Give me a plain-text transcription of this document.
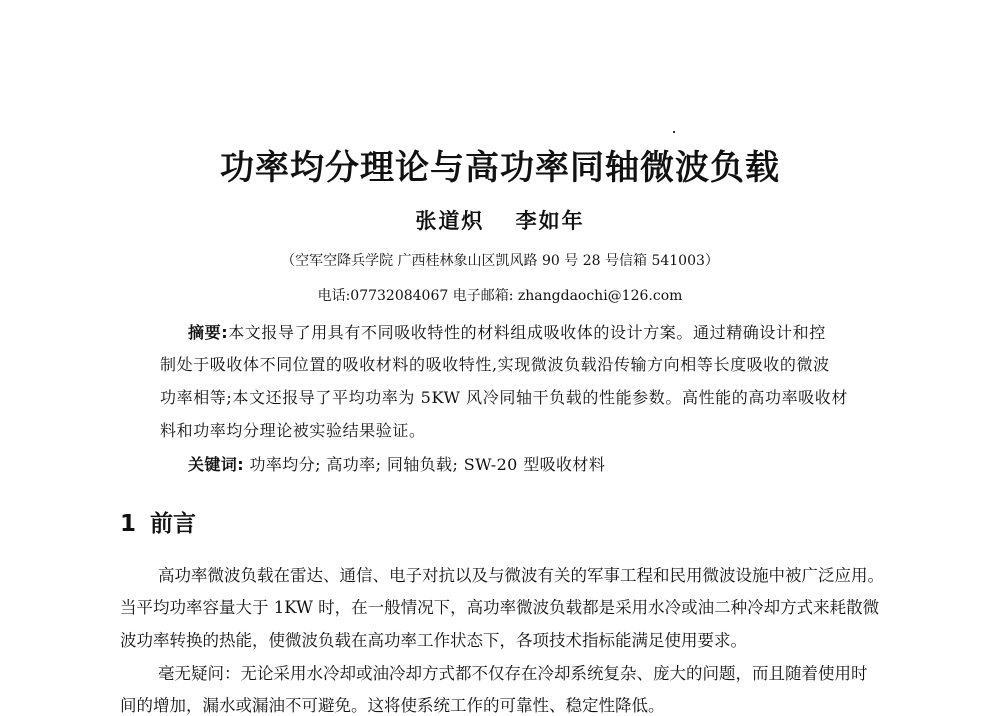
功率均分理论与高功率同轴微波负载
张道炽 李如年
（空军空降兵学院 广西桂林象山区凯风路 90 号 28 号信箱 541003）
电话:07732084067 电子邮箱: zhangdaochi@126.com
摘要:本文报导了用具有不同吸收特性的材料组成吸收体的设计方案。通过精确设计和控
制处于吸收体不同位置的吸收材料的吸收特性,实现微波负载沿传输方向相等长度吸收的微波
功率相等;本文还报导了平均功率为 5KW 风冷同轴干负载的性能参数。高性能的高功率吸收材
料和功率均分理论被实验结果验证。
关键词: 功率均分; 高功率; 同轴负载; SW-20 型吸收材料
1 前言
高功率微波负载在雷达、通信、电子对抗以及与微波有关的军事工程和民用微波设施中被广泛应用。
当平均功率容量大于 1KW 时，在一般情况下，高功率微波负载都是采用水冷或油二种冷却方式来耗散微
波功率转换的热能，使微波负载在高功率工作状态下，各项技术指标能满足使用要求。
毫无疑问：无论采用水冷却或油冷却方式都不仅存在冷却系统复杂、庞大的问题，而且随着使用时
间的增加，漏水或漏油不可避免。这将使系统工作的可靠性、稳定性降低。
